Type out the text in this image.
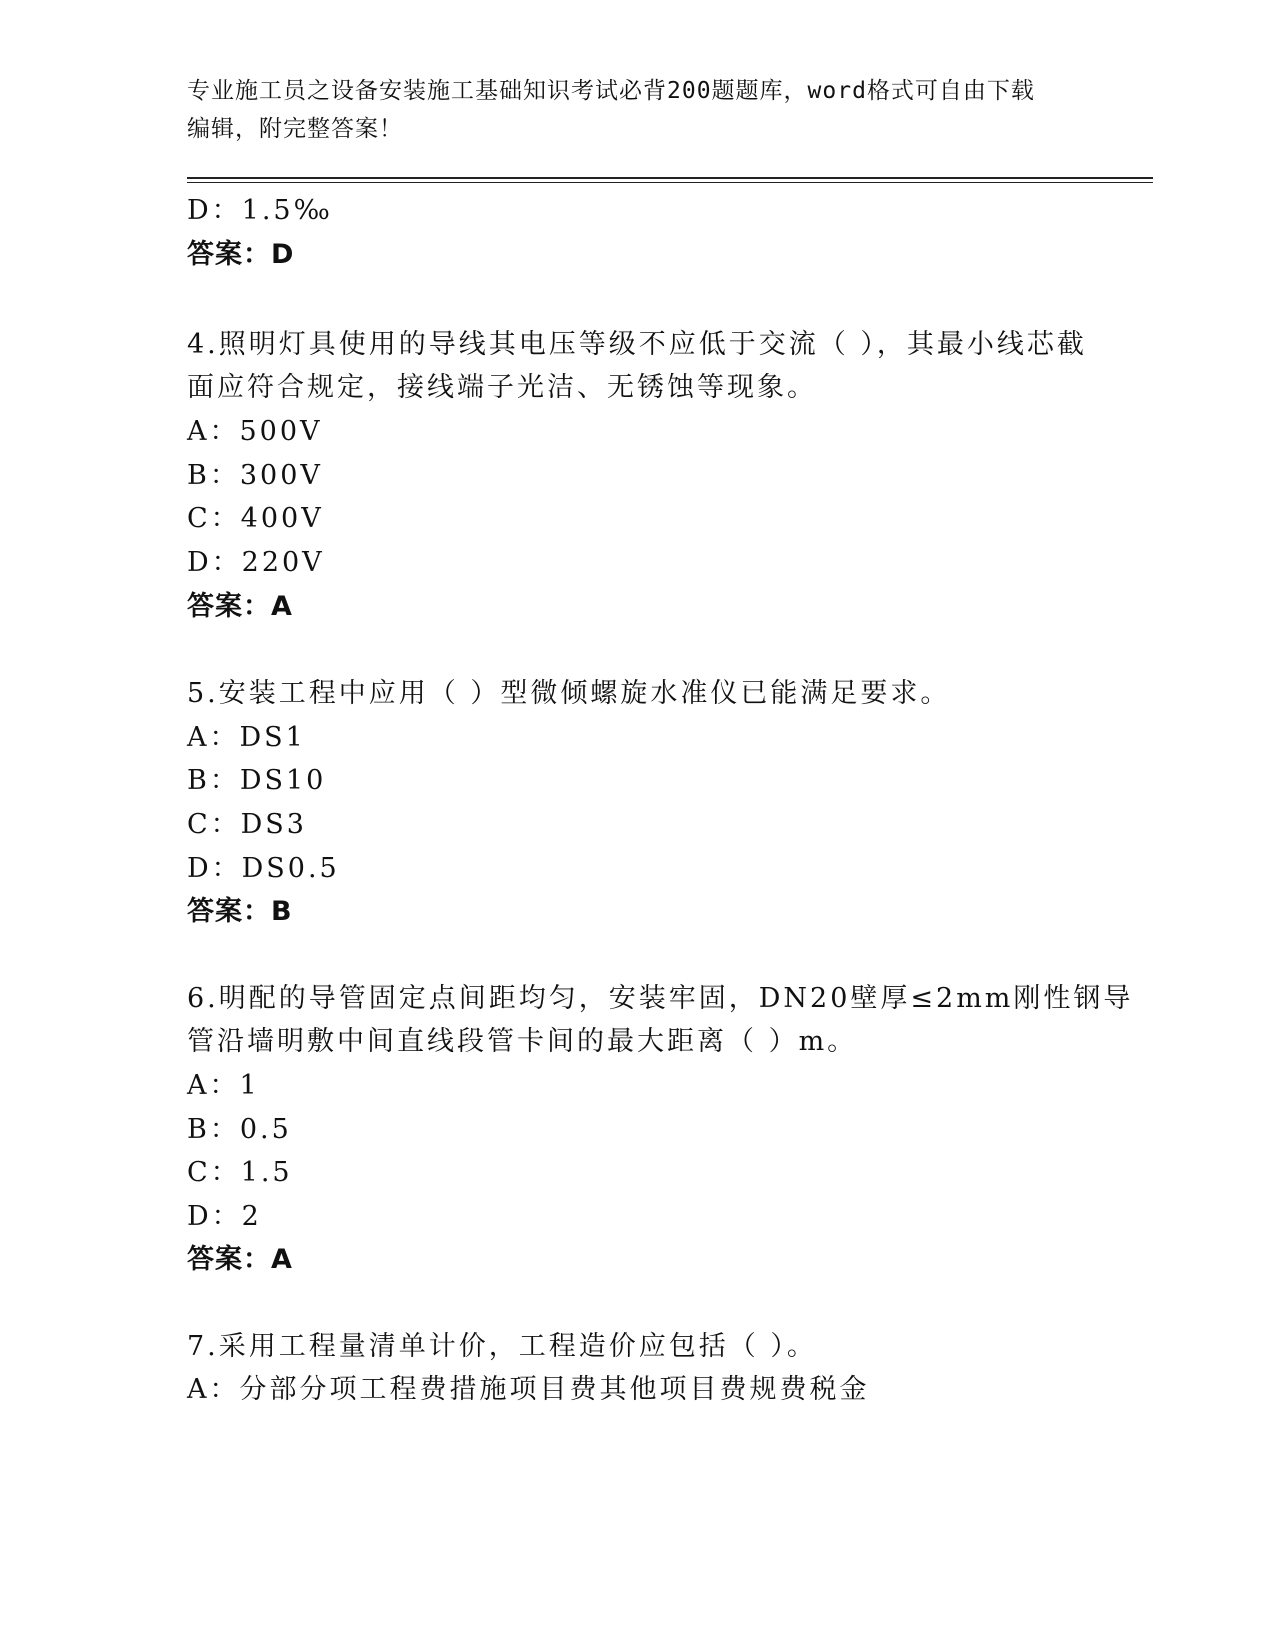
专业施工员之设备安装施工基础知识考试必背200题题库，word格式可自由下载
编辑，附完整答案！
D：1.5‰
答案：D
4.照明灯具使用的导线其电压等级不应低于交流（ ），其最小线芯截
面应符合规定，接线端子光洁、无锈蚀等现象。
A：500V
B：300V
C：400V
D：220V
答案：A
5.安装工程中应用（ ）型微倾螺旋水准仪已能满足要求。
A：DS1
B：DS10
C：DS3
D：DS0.5
答案：B
6.明配的导管固定点间距均匀，安装牢固，DN20壁厚≤2mm刚性钢导
管沿墙明敷中间直线段管卡间的最大距离（ ）m。
A：1
B：0.5
C：1.5
D：2
答案：A
7.采用工程量清单计价，工程造价应包括（ ）。
A：分部分项工程费措施项目费其他项目费规费税金
